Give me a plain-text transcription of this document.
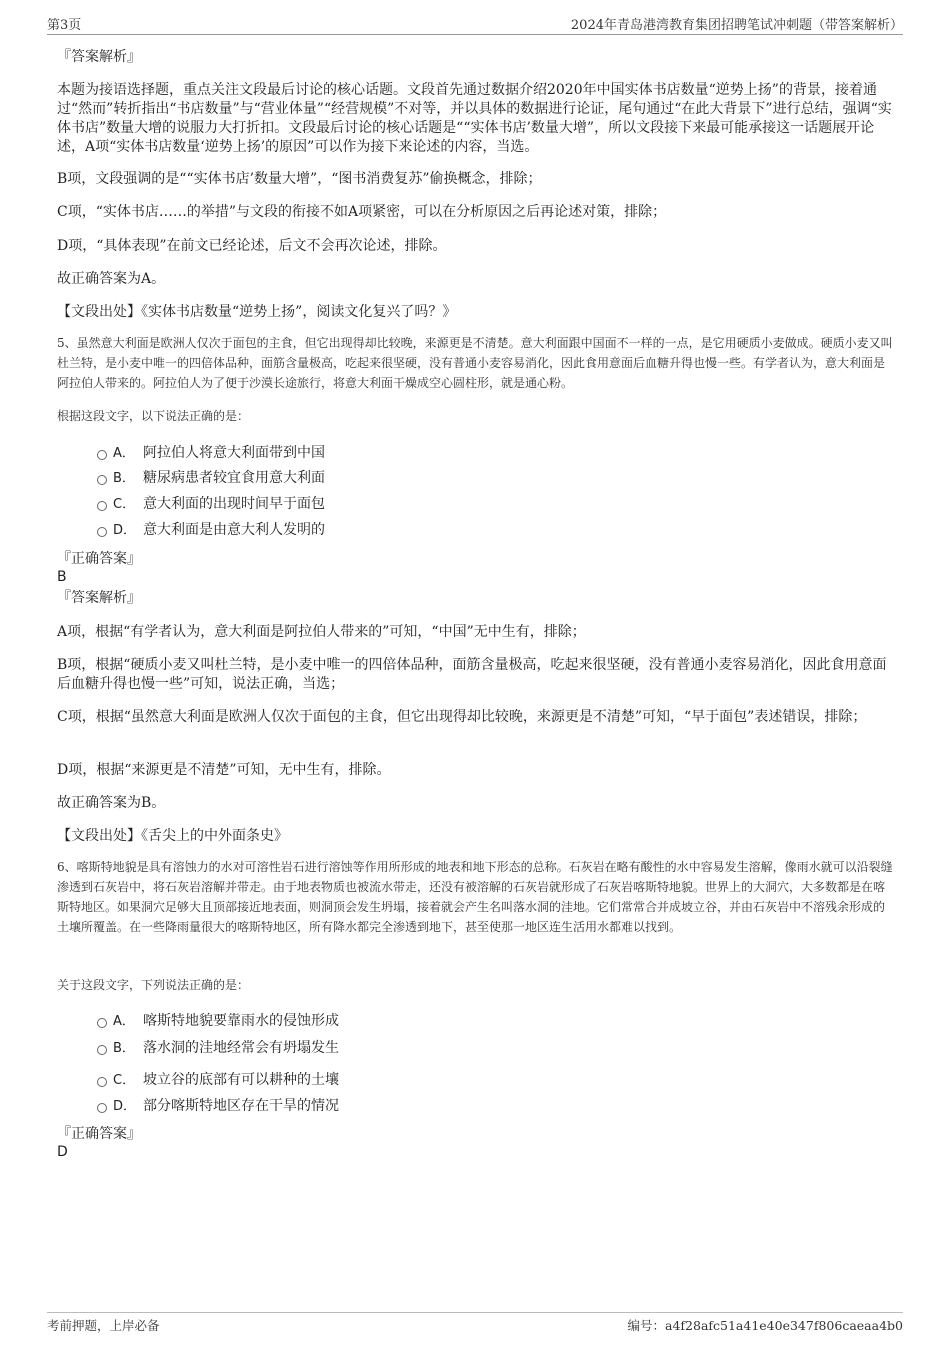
第3页	2024年青岛港湾教育集团招聘笔试冲刺题（带答案解析）
『答案解析』
本题为接语选择题，重点关注文段最后讨论的核心话题。文段首先通过数据介绍2020年中国实体书店数量“逆势上扬”的背景，接着通过“然而”转折指出“书店数量”与“营业体量”“经营规模”不对等，并以具体的数据进行论证，尾句通过“在此大背景下”进行总结，强调“实体书店”数量大增的说服力大打折扣。文段最后讨论的核心话题是““实体书店’数量大增”，所以文段接下来最可能承接这一话题展开论述，A项“实体书店数量‘逆势上扬’的原因”可以作为接下来论述的内容，当选。
B项，文段强调的是““实体书店’数量大增”，“图书消费复苏”偷换概念，排除；
C项，“实体书店……的举措”与文段的衔接不如A项紧密，可以在分析原因之后再论述对策，排除；
D项，“具体表现”在前文已经论述，后文不会再次论述，排除。
故正确答案为A。
【文段出处】《实体书店数量“逆势上扬”，阅读文化复兴了吗？》
5、虽然意大利面是欧洲人仅次于面包的主食，但它出现得却比较晚，来源更是不清楚。意大利面跟中国面不一样的一点，是它用硬质小麦做成。硬质小麦又叫杜兰特，是小麦中唯一的四倍体品种，面筋含量极高，吃起来很坚硬，没有普通小麦容易消化，因此食用意面后血糖升得也慢一些。有学者认为，意大利面是阿拉伯人带来的。阿拉伯人为了便于沙漠长途旅行，将意大利面干燥成空心圆柱形，就是通心粉。
根据这段文字，以下说法正确的是：
A． 阿拉伯人将意大利面带到中国
B． 糖尿病患者较宜食用意大利面
C． 意大利面的出现时间早于面包
D． 意大利面是由意大利人发明的
『正确答案』
B
『答案解析』
A项，根据“有学者认为，意大利面是阿拉伯人带来的”可知，“中国”无中生有，排除；
B项，根据“硬质小麦又叫杜兰特，是小麦中唯一的四倍体品种，面筋含量极高，吃起来很坚硬，没有普通小麦容易消化，因此食用意面后血糖升得也慢一些”可知，说法正确，当选；
C项，根据“虽然意大利面是欧洲人仅次于面包的主食，但它出现得却比较晚，来源更是不清楚”可知，“早于面包”表述错误，排除；
D项，根据“来源更是不清楚”可知，无中生有，排除。
故正确答案为B。
【文段出处】《舌尖上的中外面条史》
6、喀斯特地貌是具有溶蚀力的水对可溶性岩石进行溶蚀等作用所形成的地表和地下形态的总称。石灰岩在略有酸性的水中容易发生溶解，像雨水就可以沿裂缝渗透到石灰岩中，将石灰岩溶解并带走。由于地表物质也被流水带走，还没有被溶解的石灰岩就形成了石灰岩喀斯特地貌。世界上的大洞穴，大多数都是在喀斯特地区。如果洞穴足够大且顶部接近地表面，则洞顶会发生坍塌，接着就会产生名叫落水洞的洼地。它们常常合并成坡立谷，并由石灰岩中不溶残余形成的土壤所覆盖。在一些降雨量很大的喀斯特地区，所有降水都完全渗透到地下，甚至使那一地区连生活用水都难以找到。
关于这段文字，下列说法正确的是：
A． 喀斯特地貌要靠雨水的侵蚀形成
B． 落水洞的洼地经常会有坍塌发生
C． 坡立谷的底部有可以耕种的土壤
D． 部分喀斯特地区存在干旱的情况
『正确答案』
D
考前押题，上岸必备	编号：a4f28afc51a41e40e347f806caeaa4b0
